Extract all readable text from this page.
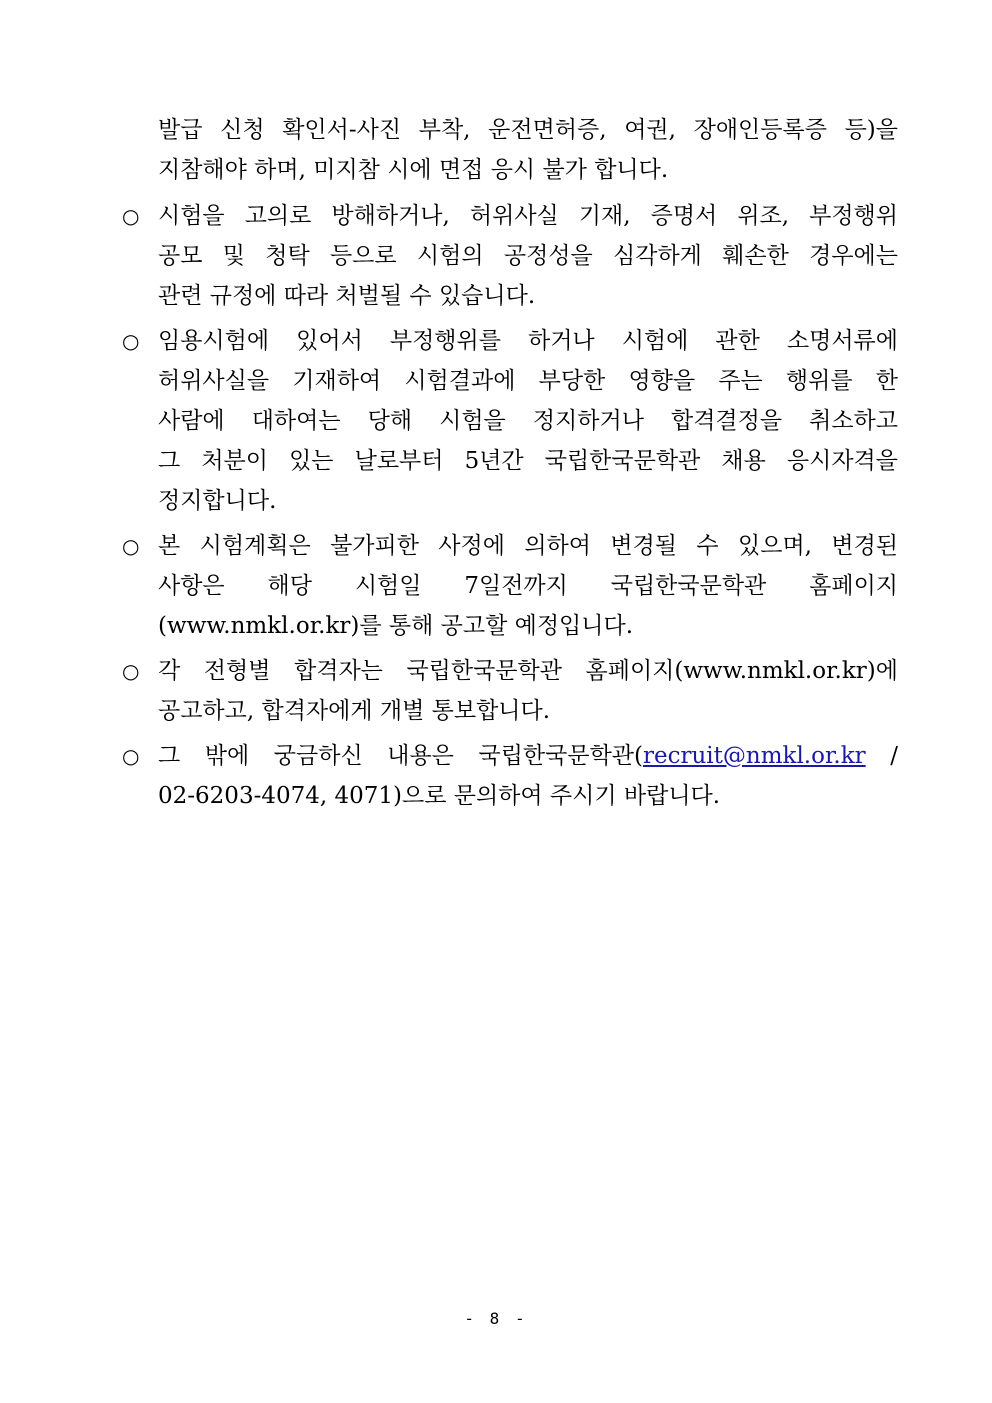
발급 신청 확인서-사진 부착, 운전면허증, 여권, 장애인등록증 등)을
지참해야 하며, 미지참 시에 면접 응시 불가 합니다.
○ 시험을 고의로 방해하거나, 허위사실 기재, 증명서 위조, 부정행위
공모 및 청탁 등으로 시험의 공정성을 심각하게 훼손한 경우에는
관련 규정에 따라 처벌될 수 있습니다.
○ 임용시험에 있어서 부정행위를 하거나 시험에 관한 소명서류에
허위사실을 기재하여 시험결과에 부당한 영향을 주는 행위를 한
사람에 대하여는 당해 시험을 정지하거나 합격결정을 취소하고
그 처분이 있는 날로부터 5년간 국립한국문학관 채용 응시자격을
정지합니다.
○ 본 시험계획은 불가피한 사정에 의하여 변경될 수 있으며, 변경된
사항은 해당 시험일 7일전까지 국립한국문학관 홈페이지
(www.nmkl.or.kr)를 통해 공고할 예정입니다.
○ 각 전형별 합격자는 국립한국문학관 홈페이지(www.nmkl.or.kr)에
공고하고, 합격자에게 개별 통보합니다.
○ 그 밖에 궁금하신 내용은 국립한국문학관(recruit@nmkl.or.kr /
02-6203-4074, 4071)으로 문의하여 주시기 바랍니다.
- 8 -
